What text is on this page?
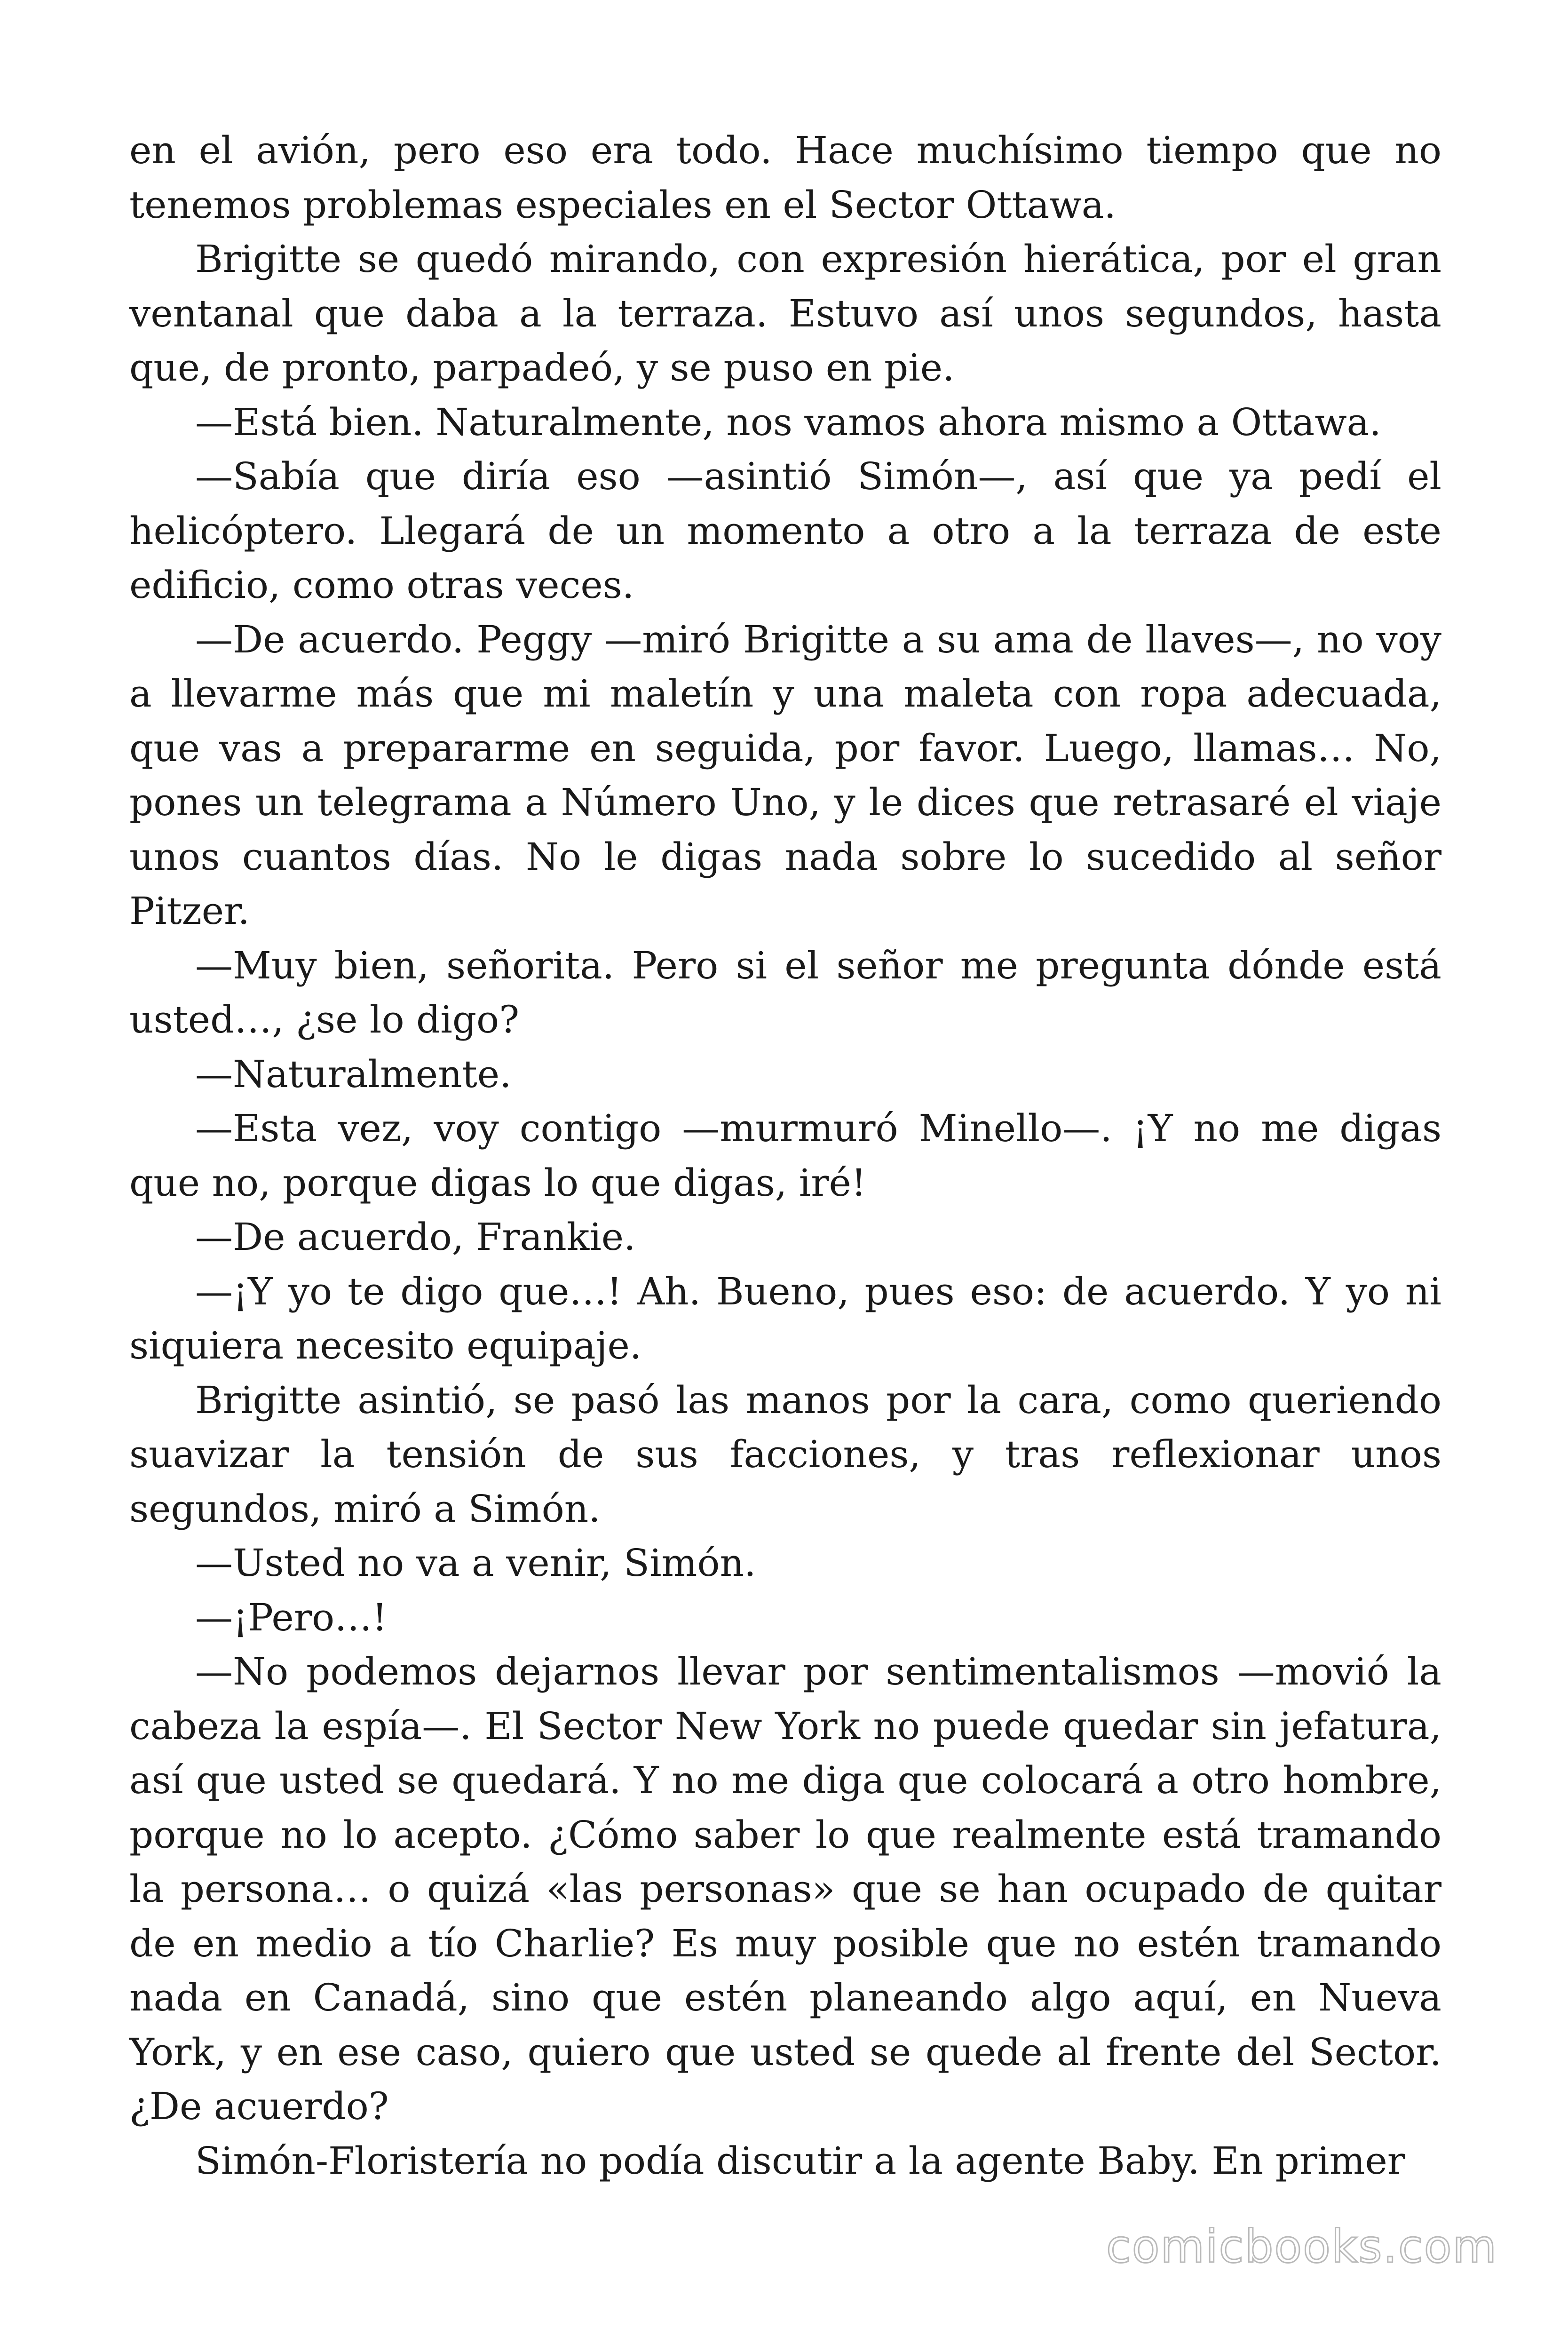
en el avión, pero eso era todo. Hace muchísimo tiempo que no tenemos problemas especiales en el Sector Ottawa.

Brigitte se quedó mirando, con expresión hierática, por el gran ventanal que daba a la terraza. Estuvo así unos segundos, hasta que, de pronto, parpadeó, y se puso en pie.

—Está bien. Naturalmente, nos vamos ahora mismo a Ottawa.

—Sabía que diría eso —asintió Simón—, así que ya pedí el helicóptero. Llegará de un momento a otro a la terraza de este edificio, como otras veces.

—De acuerdo. Peggy —miró Brigitte a su ama de llaves—, no voy a llevarme más que mi maletín y una maleta con ropa adecuada, que vas a prepararme en seguida, por favor. Luego, llamas… No, pones un telegrama a Número Uno, y le dices que retrasaré el viaje unos cuantos días. No le digas nada sobre lo sucedido al señor Pitzer.

—Muy bien, señorita. Pero si el señor me pregunta dónde está usted…, ¿se lo digo?

—Naturalmente.

—Esta vez, voy contigo —murmuró Minello—. ¡Y no me digas que no, porque digas lo que digas, iré!

—De acuerdo, Frankie.

—¡Y yo te digo que…! Ah. Bueno, pues eso: de acuerdo. Y yo ni siquiera necesito equipaje.

Brigitte asintió, se pasó las manos por la cara, como queriendo suavizar la tensión de sus facciones, y tras reflexionar unos segundos, miró a Simón.

—Usted no va a venir, Simón.

—¡Pero…!

—No podemos dejarnos llevar por sentimentalismos —movió la cabeza la espía—. El Sector New York no puede quedar sin jefatura, así que usted se quedará. Y no me diga que colocará a otro hombre, porque no lo acepto. ¿Cómo saber lo que realmente está tramando la persona… o quizá «las personas» que se han ocupado de quitar de en medio a tío Charlie? Es muy posible que no estén tramando nada en Canadá, sino que estén planeando algo aquí, en Nueva York, y en ese caso, quiero que usted se quede al frente del Sector. ¿De acuerdo?

Simón-Floristería no podía discutir a la agente Baby. En primer

comicbooks.com
